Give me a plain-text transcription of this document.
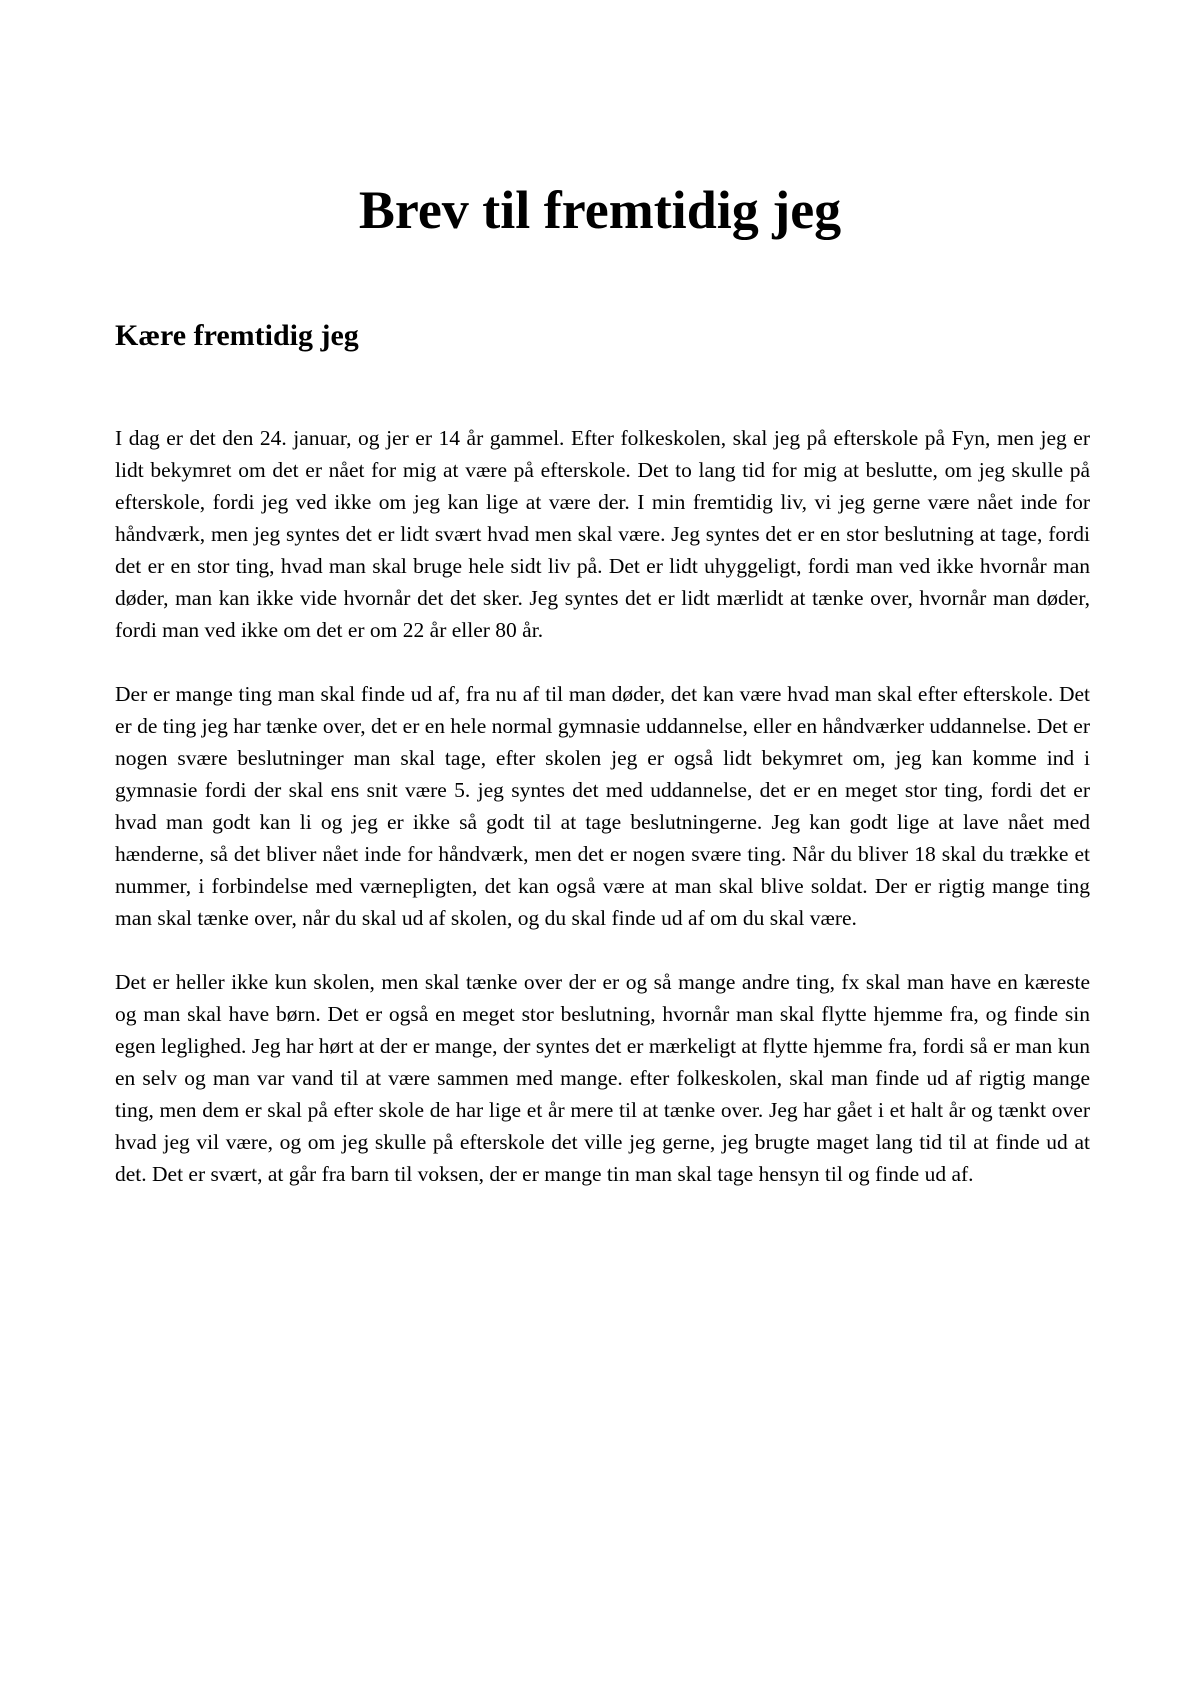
Brev til fremtidig jeg
Kære fremtidig jeg

I dag er det den 24. januar, og jer er 14 år gammel. Efter folkeskolen, skal jeg på efterskole på Fyn, men jeg er lidt bekymret om det er nået for mig at være på efterskole. Det to lang tid for mig at beslutte, om jeg skulle på efterskole, fordi jeg ved ikke om jeg kan lige at være der. I min fremtidig liv, vi jeg gerne være nået inde for håndværk, men jeg syntes det er lidt svært hvad men skal være. Jeg syntes det er en stor beslutning at tage, fordi det er en stor ting, hvad man skal bruge hele sidt liv på. Det er lidt uhyggeligt, fordi man ved ikke hvornår man døder, man kan ikke vide hvornår det det sker. Jeg syntes det er lidt mærlidt at tænke over, hvornår man døder, fordi man ved ikke om det er om 22 år eller 80 år.

Der er mange ting man skal finde ud af, fra nu af til man døder, det kan være hvad man skal efter efterskole. Det er de ting jeg har tænke over, det er en hele normal gymnasie uddannelse, eller en håndværker uddannelse. Det er nogen svære beslutninger man skal tage, efter skolen jeg er også lidt bekymret om, jeg kan komme ind i gymnasie fordi der skal ens snit være 5. jeg syntes det med uddannelse, det er en meget stor ting, fordi det er hvad man godt kan li og jeg er ikke så godt til at tage beslutningerne. Jeg kan godt lige at lave nået med hænderne, så det bliver nået inde for håndværk, men det er nogen svære ting. Når du bliver 18 skal du trække et nummer, i forbindelse med værnepligten, det kan også være at man skal blive soldat. Der er rigtig mange ting man skal tænke over, når du skal ud af skolen, og du skal finde ud af om du skal være.

Det er heller ikke kun skolen, men skal tænke over der er og så mange andre ting, fx skal man have en kæreste og man skal have børn. Det er også en meget stor beslutning, hvornår man skal flytte hjemme fra, og finde sin egen leglighed. Jeg har hørt at der er mange, der syntes det er mærkeligt at flytte hjemme fra, fordi så er man kun en selv og man var vand til at være sammen med mange. efter folkeskolen, skal man finde ud af rigtig mange ting, men dem er skal på efter skole de har lige et år mere til at tænke over. Jeg har gået i et halt år og tænkt over hvad jeg vil være, og om jeg skulle på efterskole det ville jeg gerne, jeg brugte maget lang tid til at finde ud at det. Det er svært, at går fra barn til voksen, der er mange tin man skal tage hensyn til og finde ud af.
